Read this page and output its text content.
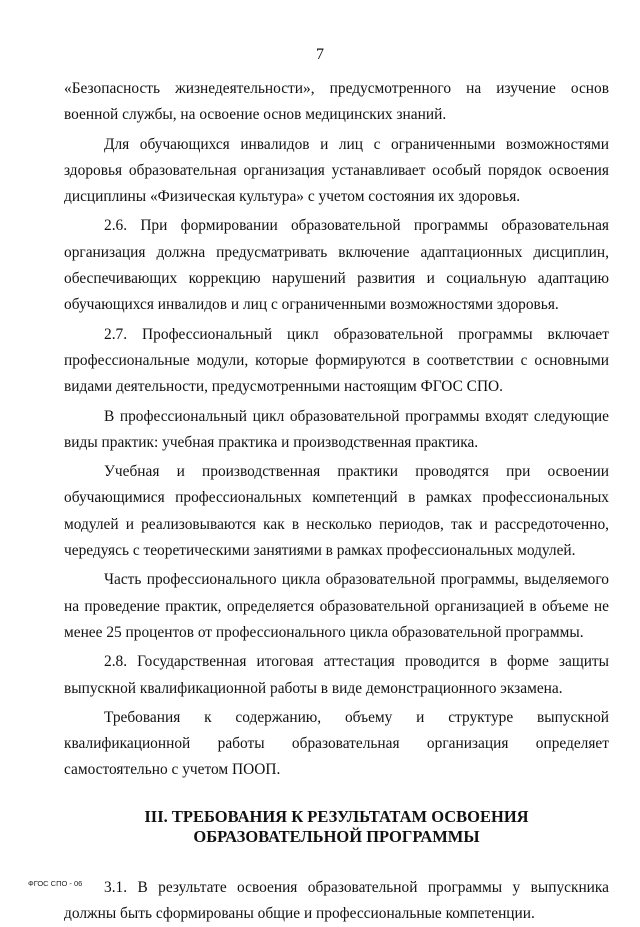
7

«Безопасность жизнедеятельности», предусмотренного на изучение основ военной службы, на освоение основ медицинских знаний.

Для обучающихся инвалидов и лиц с ограниченными возможностями здоровья образовательная организация устанавливает особый порядок освоения дисциплины «Физическая культура» с учетом состояния их здоровья.

2.6. При формировании образовательной программы образовательная организация должна предусматривать включение адаптационных дисциплин, обеспечивающих коррекцию нарушений развития и социальную адаптацию обучающихся инвалидов и лиц с ограниченными возможностями здоровья.

2.7. Профессиональный цикл образовательной программы включает профессиональные модули, которые формируются в соответствии с основными видами деятельности, предусмотренными настоящим ФГОС СПО.

В профессиональный цикл образовательной программы входят следующие виды практик: учебная практика и производственная практика.

Учебная и производственная практики проводятся при освоении обучающимися профессиональных компетенций в рамках профессиональных модулей и реализовываются как в несколько периодов, так и рассредоточенно, чередуясь с теоретическими занятиями в рамках профессиональных модулей.

Часть профессионального цикла образовательной программы, выделяемого на проведение практик, определяется образовательной организацией в объеме не менее 25 процентов от профессионального цикла образовательной программы.

2.8. Государственная итоговая аттестация проводится в форме защиты выпускной квалификационной работы в виде демонстрационного экзамена.

Требования к содержанию, объему и структуре выпускной квалификационной работы образовательная организация определяет самостоятельно с учетом ПООП.

III. ТРЕБОВАНИЯ К РЕЗУЛЬТАТАМ ОСВОЕНИЯ ОБРАЗОВАТЕЛЬНОЙ ПРОГРАММЫ

3.1. В результате освоения образовательной программы у выпускника должны быть сформированы общие и профессиональные компетенции.

ФГОС СПО - 06
